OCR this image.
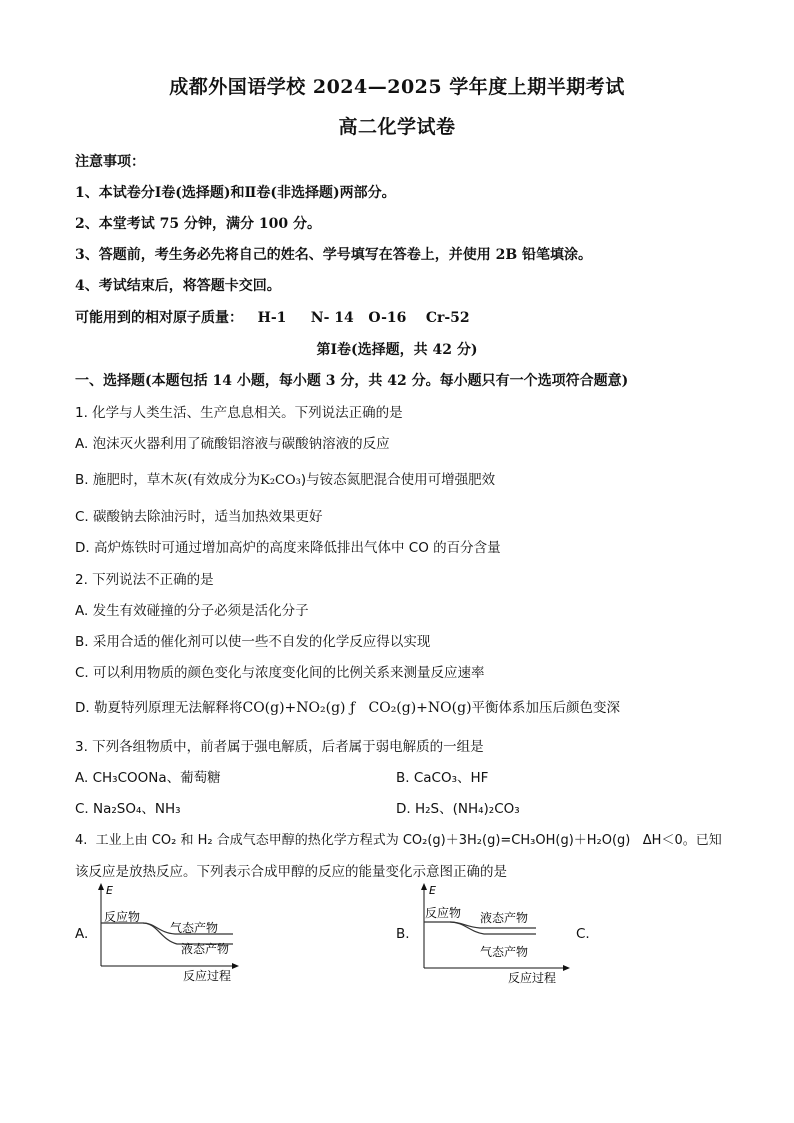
成都外国语学校 2024—2025 学年度上期半期考试
高二化学试卷
注意事项：
1、本试卷分Ⅰ卷(选择题)和Ⅱ卷(非选择题)两部分。
2、本堂考试 75 分钟，满分 100 分。
3、答题前，考生务必先将自己的姓名、学号填写在答卷上，并使用 2B 铅笔填涂。
4、考试结束后，将答题卡交回。
可能用到的相对原子质量：   H-1     N- 14   O-16    Cr-52
第Ⅰ卷(选择题，共 42 分)
一、选择题(本题包括 14 小题，每小题 3 分，共 42 分。每小题只有一个选项符合题意)
1. 化学与人类生活、生产息息相关。下列说法正确的是
A. 泡沫灭火器利用了硫酸铝溶液与碳酸钠溶液的反应
B. 施肥时，草木灰(有效成分为K₂CO₃)与铵态氮肥混合使用可增强肥效
C. 碳酸钠去除油污时，适当加热效果更好
D. 高炉炼铁时可通过增加高炉的高度来降低排出气体中 CO 的百分含量
2. 下列说法不正确的是
A. 发生有效碰撞的分子必须是活化分子
B. 采用合适的催化剂可以使一些不自发的化学反应得以实现
C. 可以利用物质的颜色变化与浓度变化间的比例关系来测量反应速率
D. 勒夏特列原理无法解释将CO(g)+NO₂(g) ƒ   CO₂(g)+NO(g)平衡体系加压后颜色变深
3. 下列各组物质中，前者属于强电解质，后者属于弱电解质的一组是
A. CH₃COONa、葡萄糖	B. CaCO₃、HF
C. Na₂SO₄、NH₃	D. H₂S、(NH₄)₂CO₃
4.  工业上由 CO₂ 和 H₂ 合成气态甲醇的热化学方程式为 CO₂(g)＋3H₂(g)=CH₃OH(g)＋H₂O(g)   ΔH＜0。已知
该反应是放热反应。下列表示合成甲醇的反应的能量变化示意图正确的是
A.	B.	C.
E
反应物
气态产物
液态产物
反应过程
E
反应物 液态产物
气态产物
反应过程
